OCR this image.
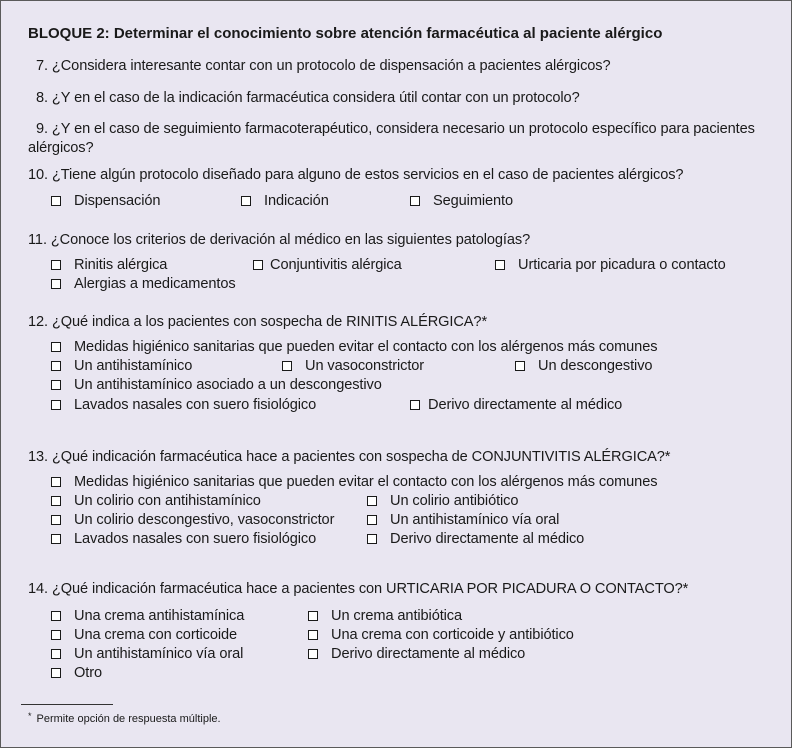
BLOQUE 2: Determinar el conocimiento sobre atención farmacéutica al paciente alérgico
7. ¿Considera interesante contar con un protocolo de dispensación a pacientes alérgicos?
8. ¿Y en el caso de la indicación farmacéutica considera útil contar con un protocolo?
9. ¿Y en el caso de seguimiento farmacoterapéutico, considera necesario un protocolo específico para pacientes alérgicos?
10. ¿Tiene algún protocolo diseñado para alguno de estos servicios en el caso de pacientes alérgicos?
Dispensación	Indicación	Seguimiento
11. ¿Conoce los criterios de derivación al médico en las siguientes patologías?
Rinitis alérgica	Conjuntivitis alérgica	Urticaria por picadura o contacto
Alergias a medicamentos
12. ¿Qué indica a los pacientes con sospecha de RINITIS ALÉRGICA?*
Medidas higiénico sanitarias que pueden evitar el contacto con los alérgenos más comunes
Un antihistamínico	Un vasoconstrictor	Un descongestivo
Un antihistamínico asociado a un descongestivo
Lavados nasales con suero fisiológico	Derivo directamente al médico
13. ¿Qué indicación farmacéutica hace a pacientes con sospecha de CONJUNTIVITIS ALÉRGICA?*
Medidas higiénico sanitarias que pueden evitar el contacto con los alérgenos más comunes
Un colirio con antihistamínico	Un colirio antibiótico
Un colirio descongestivo, vasoconstrictor	Un antihistamínico vía oral
Lavados nasales con suero fisiológico	Derivo directamente al médico
14. ¿Qué indicación farmacéutica hace a pacientes con URTICARIA POR PICADURA O CONTACTO?*
Una crema antihistamínica	Un crema antibiótica
Una crema con corticoide	Una crema con corticoide y antibiótico
Un antihistamínico vía oral	Derivo directamente al médico
Otro
* Permite opción de respuesta múltiple.
